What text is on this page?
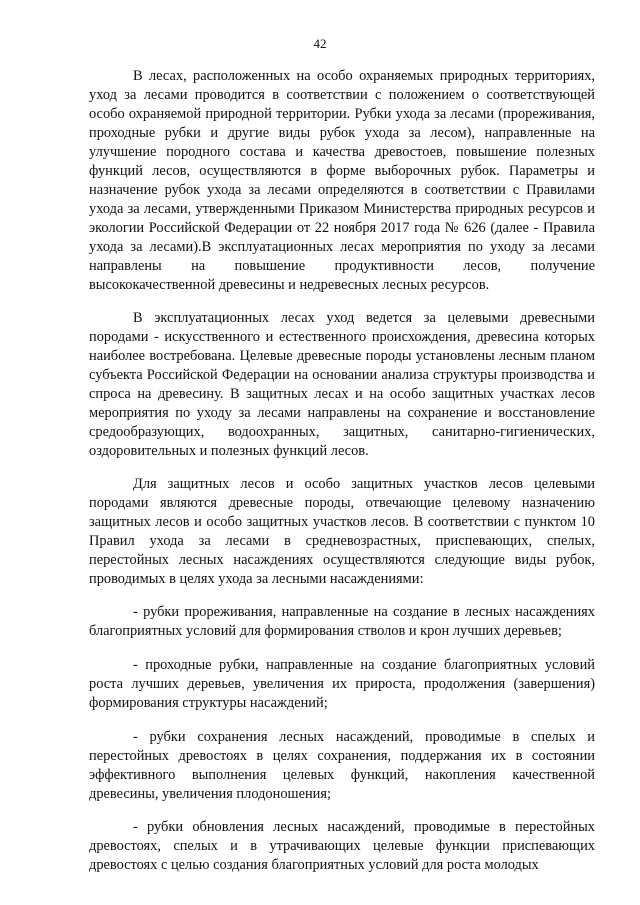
42

В лесах, расположенных на особо охраняемых природных территориях, уход за лесами проводится в соответствии с положением о соответствующей особо охраняемой природной территории. Рубки ухода за лесами (прореживания, проходные рубки и другие виды рубок ухода за лесом), направленные на улучшение породного состава и качества древостоев, повышение полезных функций лесов, осуществляются в форме выборочных рубок. Параметры и назначение рубок ухода за лесами определяются в соответствии с Правилами ухода за лесами, утвержденными Приказом Министерства природных ресурсов и экологии Российской Федерации от 22 ноября 2017 года № 626 (далее - Правила ухода за лесами).В эксплуатационных лесах мероприятия по уходу за лесами направлены на повышение продуктивности лесов, получение высококачественной древесины и недревесных лесных ресурсов.

В эксплуатационных лесах уход ведется за целевыми древесными породами - искусственного и естественного происхождения, древесина которых наиболее востребована. Целевые древесные породы установлены лесным планом субъекта Российской Федерации на основании анализа структуры производства и спроса на древесину. В защитных лесах и на особо защитных участках лесов мероприятия по уходу за лесами направлены на сохранение и восстановление средообразующих, водоохранных, защитных, санитарно-гигиенических, оздоровительных и полезных функций лесов.

Для защитных лесов и особо защитных участков лесов целевыми породами являются древесные породы, отвечающие целевому назначению защитных лесов и особо защитных участков лесов. В соответствии с пунктом 10 Правил ухода за лесами в средневозрастных, приспевающих, спелых, перестойных лесных насаждениях осуществляются следующие виды рубок, проводимых в целях ухода за лесными насаждениями:

- рубки прореживания, направленные на создание в лесных насаждениях благоприятных условий для формирования стволов и крон лучших деревьев;

- проходные рубки, направленные на создание благоприятных условий роста лучших деревьев, увеличения их прироста, продолжения (завершения) формирования структуры насаждений;

- рубки сохранения лесных насаждений, проводимые в спелых и перестойных древостоях в целях сохранения, поддержания их в состоянии эффективного выполнения целевых функций, накопления качественной древесины, увеличения плодоношения;

- рубки обновления лесных насаждений, проводимые в перестойных древостоях, спелых и в утрачивающих целевые функции приспевающих древостоях с целью создания благоприятных условий для роста молодых
